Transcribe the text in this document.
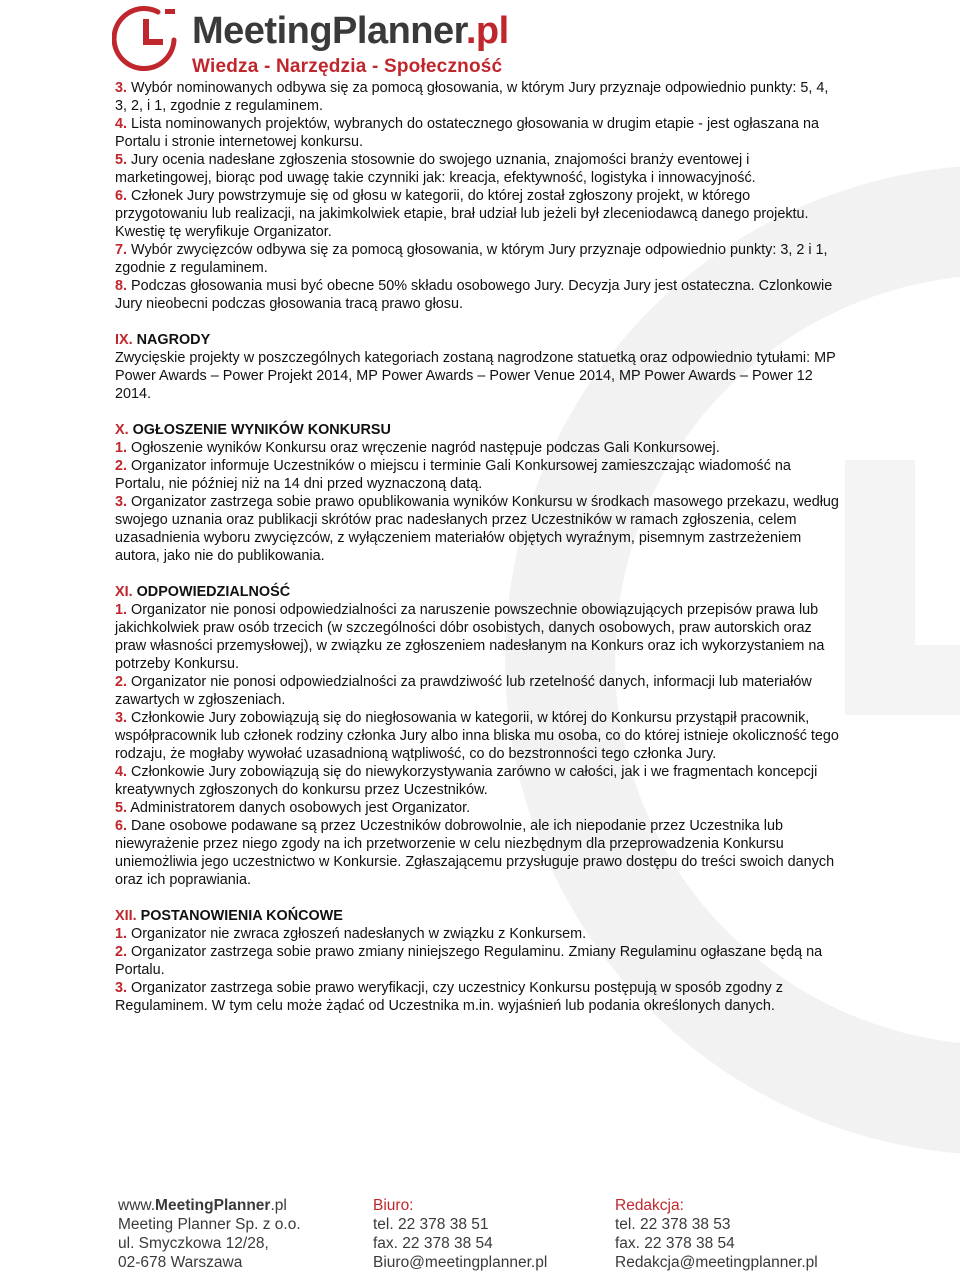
MeetingPlanner.pl
Wiedza - Narzędzia - Społeczność

3. Wybór nominowanych odbywa się za pomocą głosowania, w którym Jury przyznaje odpowiednio punkty: 5, 4, 3, 2, i 1, zgodnie z regulaminem.

4. Lista nominowanych projektów, wybranych do ostatecznego głosowania w drugim etapie - jest ogłaszana na Portalu i stronie internetowej konkursu.

5. Jury ocenia nadesłane zgłoszenia stosownie do swojego uznania, znajomości branży eventowej i marketingowej, biorąc pod uwagę takie czynniki jak: kreacja, efektywność, logistyka i innowacyjność.

6. Członek Jury powstrzymuje się od głosu w kategorii, do której został zgłoszony projekt, w którego przygotowaniu lub realizacji, na jakimkolwiek etapie, brał udział lub jeżeli był zleceniodawcą danego projektu. Kwestię tę weryfikuje Organizator.

7. Wybór zwycięzców odbywa się za pomocą głosowania, w którym Jury przyznaje odpowiednio punkty: 3, 2 i 1, zgodnie z regulaminem.

8. Podczas głosowania musi być obecne 50% składu osobowego Jury. Decyzja Jury jest ostateczna. Czlonkowie Jury nieobecni podczas głosowania tracą prawo głosu.

IX. NAGRODY

Zwycięskie projekty w poszczególnych kategoriach zostaną nagrodzone statuetką oraz odpowiednio tytułami: MP Power Awards – Power Projekt 2014, MP Power Awards – Power Venue 2014, MP Power Awards – Power 12 2014.

X. OGŁOSZENIE WYNIKÓW KONKURSU

1. Ogłoszenie wyników Konkursu oraz wręczenie nagród następuje podczas Gali Konkursowej.

2. Organizator informuje Uczestników o miejscu i terminie Gali Konkursowej zamieszczając wiadomość na Portalu, nie później niż na 14 dni przed wyznaczoną datą.

3. Organizator zastrzega sobie prawo opublikowania wyników Konkursu w środkach masowego przekazu, według swojego uznania oraz publikacji skrótów prac nadesłanych przez Uczestników w ramach zgłoszenia, celem uzasadnienia wyboru zwycięzców, z wyłączeniem materiałów objętych wyraźnym, pisemnym zastrzeżeniem autora, jako nie do publikowania.

XI. ODPOWIEDZIALNOŚĆ

1. Organizator nie ponosi odpowiedzialności za naruszenie powszechnie obowiązujących przepisów prawa lub jakichkolwiek praw osób trzecich (w szczególności dóbr osobistych, danych osobowych, praw autorskich oraz praw własności przemysłowej), w związku ze zgłoszeniem nadesłanym na Konkurs oraz ich wykorzystaniem na potrzeby Konkursu.

2. Organizator nie ponosi odpowiedzialności za prawdziwość lub rzetelność danych, informacji lub materiałów zawartych w zgłoszeniach.

3. Członkowie Jury zobowiązują się do niegłosowania w kategorii, w której do Konkursu przystąpił pracownik, współpracownik lub członek rodziny członka Jury albo inna bliska mu osoba, co do której istnieje okoliczność tego rodzaju, że mogłaby wywołać uzasadnioną wątpliwość, co do bezstronności tego członka Jury.

4. Członkowie Jury zobowiązują się do niewykorzystywania zarówno w całości, jak i we fragmentach koncepcji kreatywnych zgłoszonych do konkursu przez Uczestników.

5. Administratorem danych osobowych jest Organizator.

6. Dane osobowe podawane są przez Uczestników dobrowolnie, ale ich niepodanie przez Uczestnika lub niewyrażenie przez niego zgody na ich przetworzenie w celu niezbędnym dla przeprowadzenia Konkursu uniemożliwia jego uczestnictwo w Konkursie. Zgłaszającemu przysługuje prawo dostępu do treści swoich danych oraz ich poprawiania.

XII. POSTANOWIENIA KOŃCOWE

1. Organizator nie zwraca zgłoszeń nadesłanych w związku z Konkursem.

2. Organizator zastrzega sobie prawo zmiany niniejszego Regulaminu. Zmiany Regulaminu ogłaszane będą na Portalu.

3. Organizator zastrzega sobie prawo weryfikacji, czy uczestnicy Konkursu postępują w sposób zgodny z Regulaminem. W tym celu może żądać od Uczestnika m.in. wyjaśnień lub podania określonych danych.

www.MeetingPlanner.pl
Meeting Planner Sp. z o.o.
ul. Smyczkowa 12/28,
02-678 Warszawa
Biuro:
tel. 22 378 38 51
fax. 22 378 38 54
Biuro@meetingplanner.pl
Redakcja:
tel. 22 378 38 53
fax. 22 378 38 54
Redakcja@meetingplanner.pl
